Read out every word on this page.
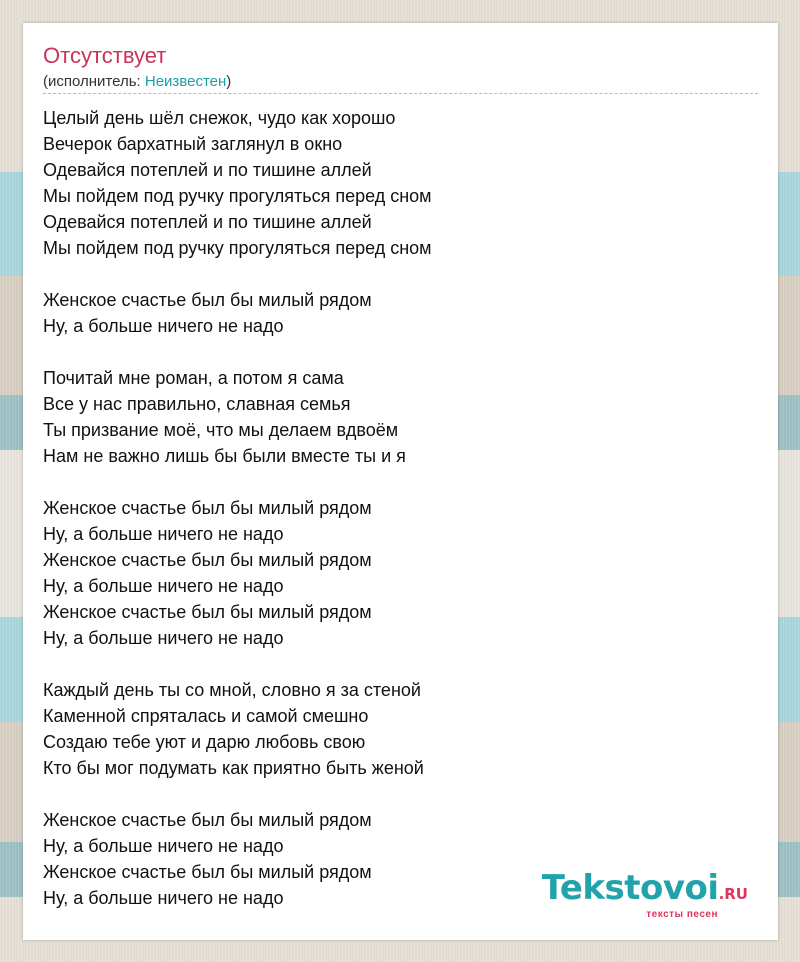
Отсутствует
(исполнитель: Неизвестен)
Целый день шёл снежок, чудо как хорошо
Вечерок бархатный заглянул в окно
Одевайся потеплей и по тишине аллей
Мы пойдем под ручку прогуляться перед сном
Одевайся потеплей и по тишине аллей
Мы пойдем под ручку прогуляться перед сном
Женское счастье был бы милый рядом
Ну, а больше ничего не надо
Почитай мне роман, а потом я сама
Все у нас правильно, славная семья
Ты призвание моё, что мы делаем вдвоём
Нам не важно лишь бы были вместе ты и я
Женское счастье был бы милый рядом
Ну, а больше ничего не надо
Женское счастье был бы милый рядом
Ну, а больше ничего не надо
Женское счастье был бы милый рядом
Ну, а больше ничего не надо
Каждый день ты со мной, словно я за стеной
Каменной спряталась и самой смешно
Создаю тебе уют и дарю любовь свою
Кто бы мог подумать как приятно быть женой
Женское счастье был бы милый рядом
Ну, а больше ничего не надо
Женское счастье был бы милый рядом
Ну, а больше ничего не надо	Tekstovoi.RU
тексты песен
